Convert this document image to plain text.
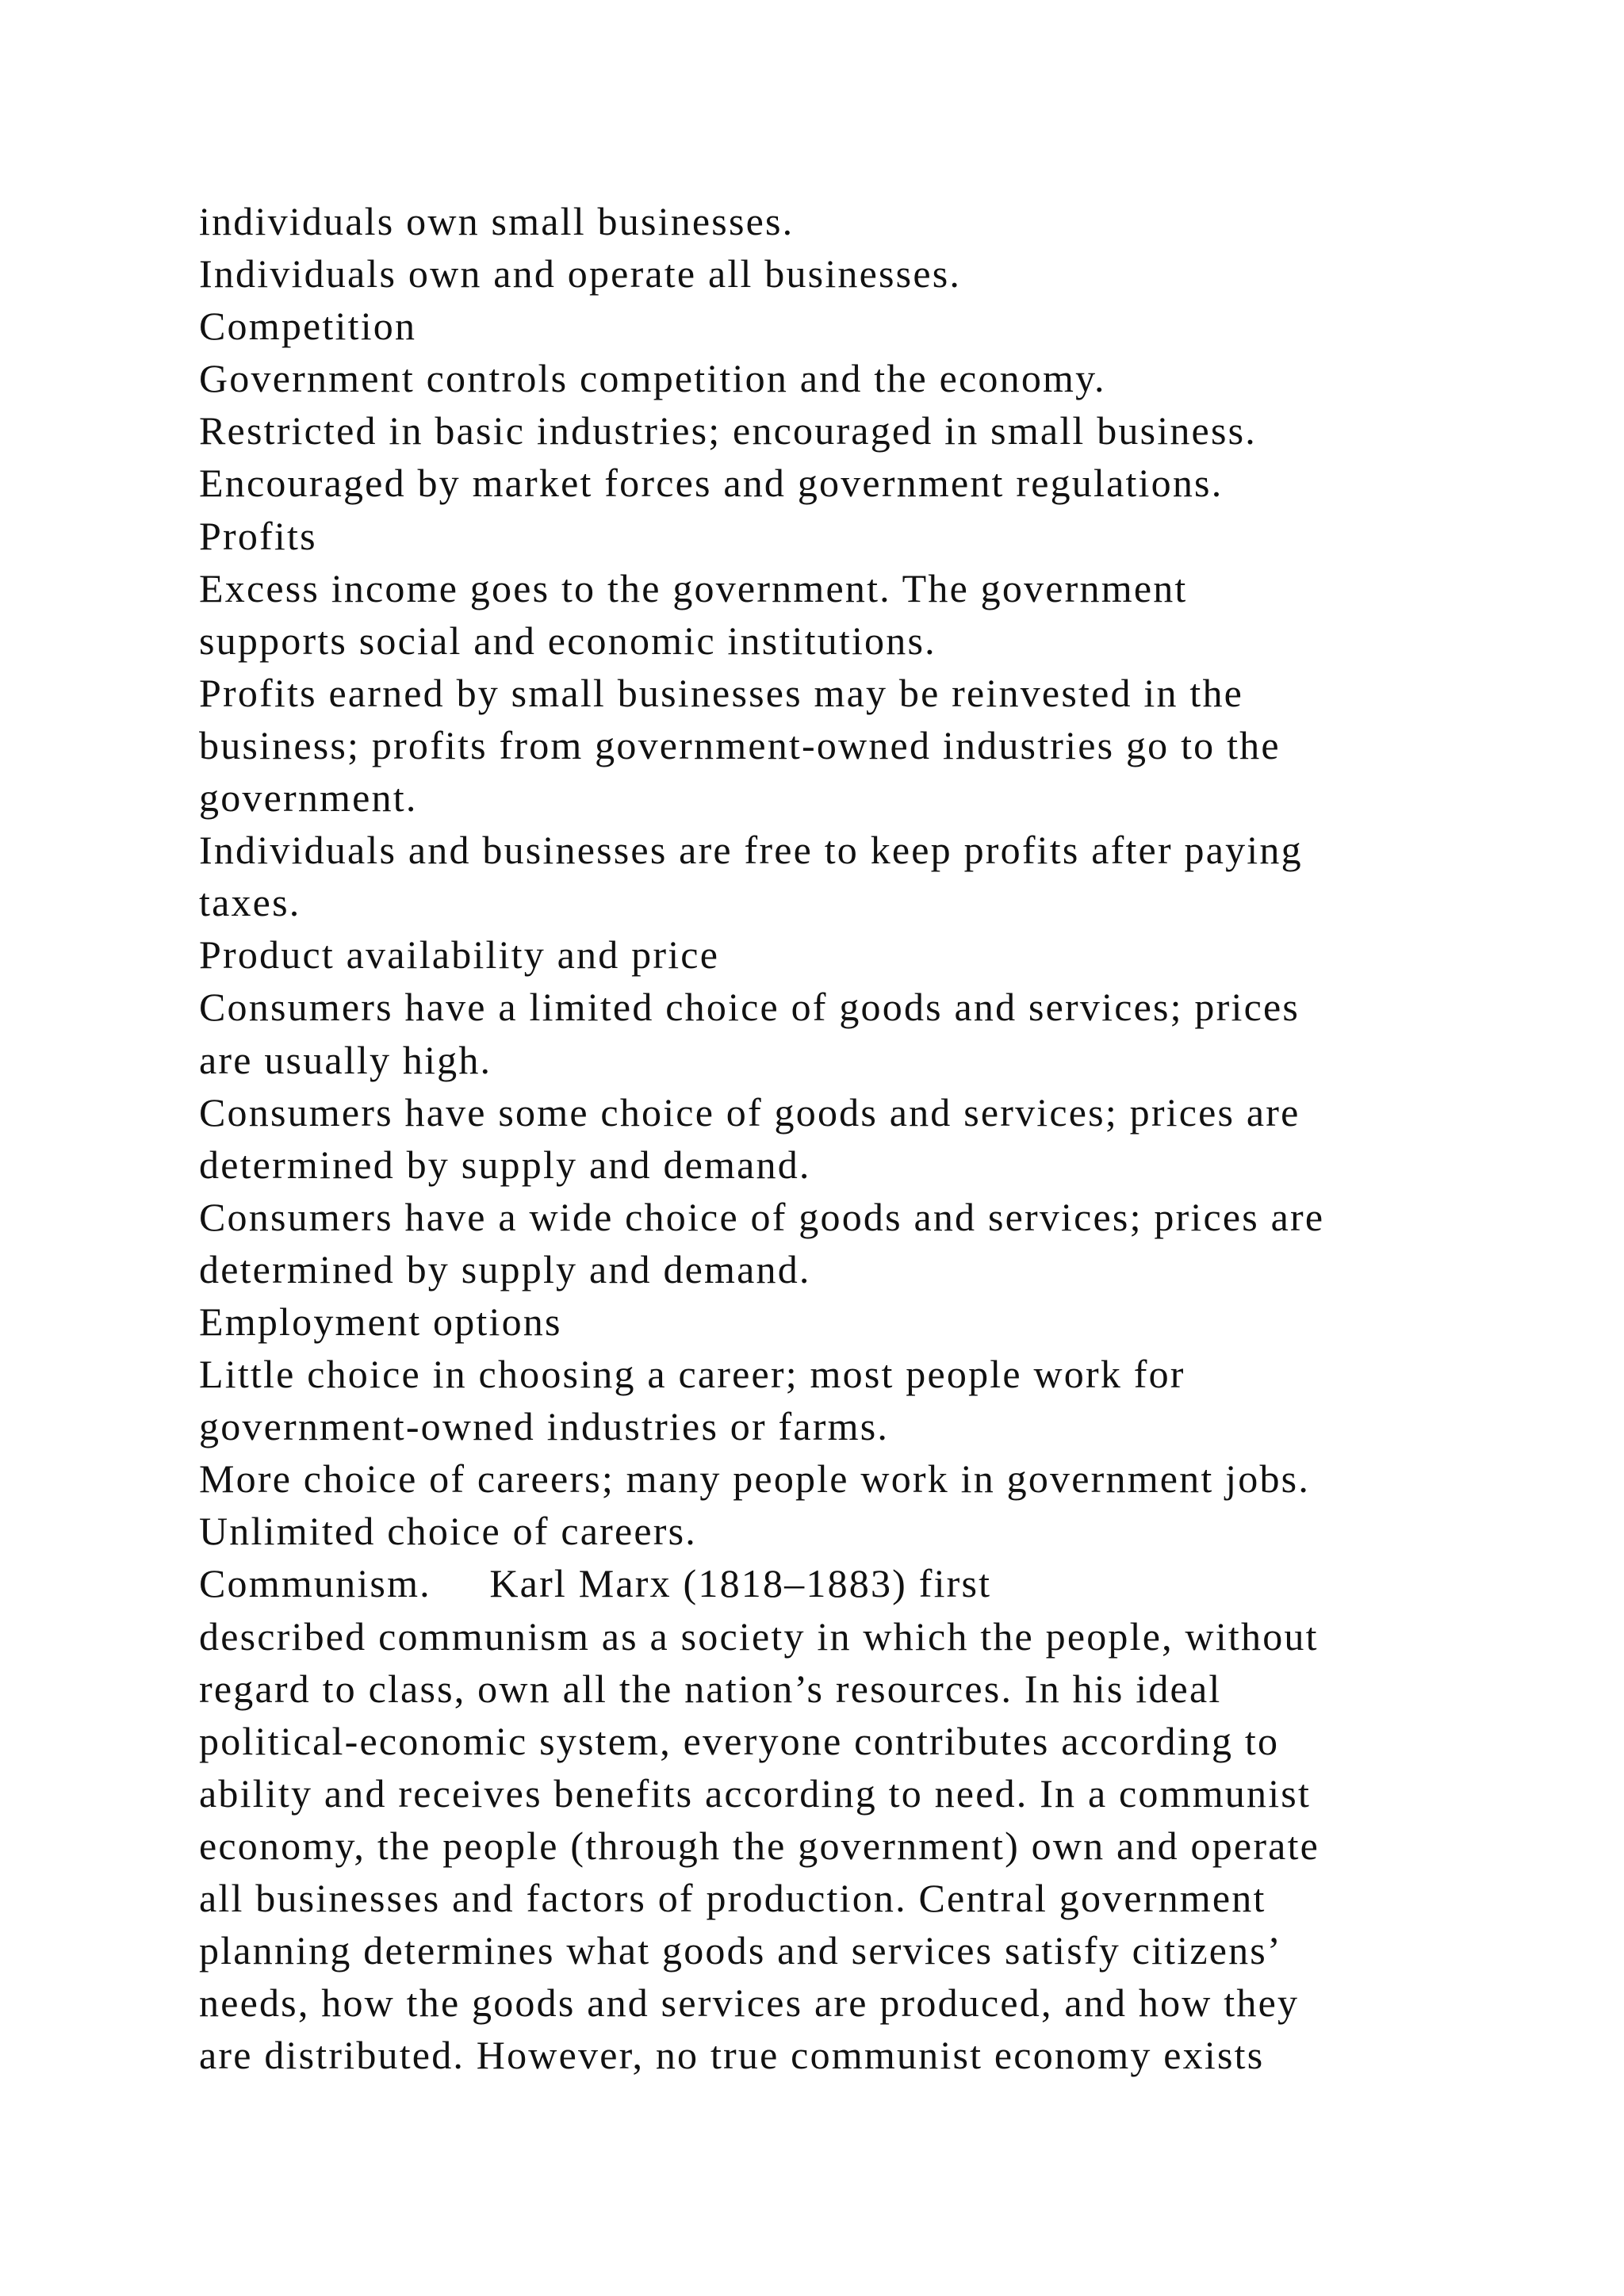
individuals own small businesses.
Individuals own and operate all businesses.
Competition
Government controls competition and the economy.
Restricted in basic industries; encouraged in small business.
Encouraged by market forces and government regulations.
Profits
Excess income goes to the government. The government
supports social and economic institutions.
Profits earned by small businesses may be reinvested in the
business; profits from government-owned industries go to the
government.
Individuals and businesses are free to keep profits after paying
taxes.
Product availability and price
Consumers have a limited choice of goods and services; prices
are usually high.
Consumers have some choice of goods and services; prices are
determined by supply and demand.
Consumers have a wide choice of goods and services; prices are
determined by supply and demand.
Employment options
Little choice in choosing a career; most people work for
government-owned industries or farms.
More choice of careers; many people work in government jobs.
Unlimited choice of careers.
Communism.     Karl Marx (1818–1883) first
described communism as a society in which the people, without
regard to class, own all the nation’s resources. In his ideal
political-economic system, everyone contributes according to
ability and receives benefits according to need. In a communist
economy, the people (through the government) own and operate
all businesses and factors of production. Central government
planning determines what goods and services satisfy citizens’
needs, how the goods and services are produced, and how they
are distributed. However, no true communist economy exists
